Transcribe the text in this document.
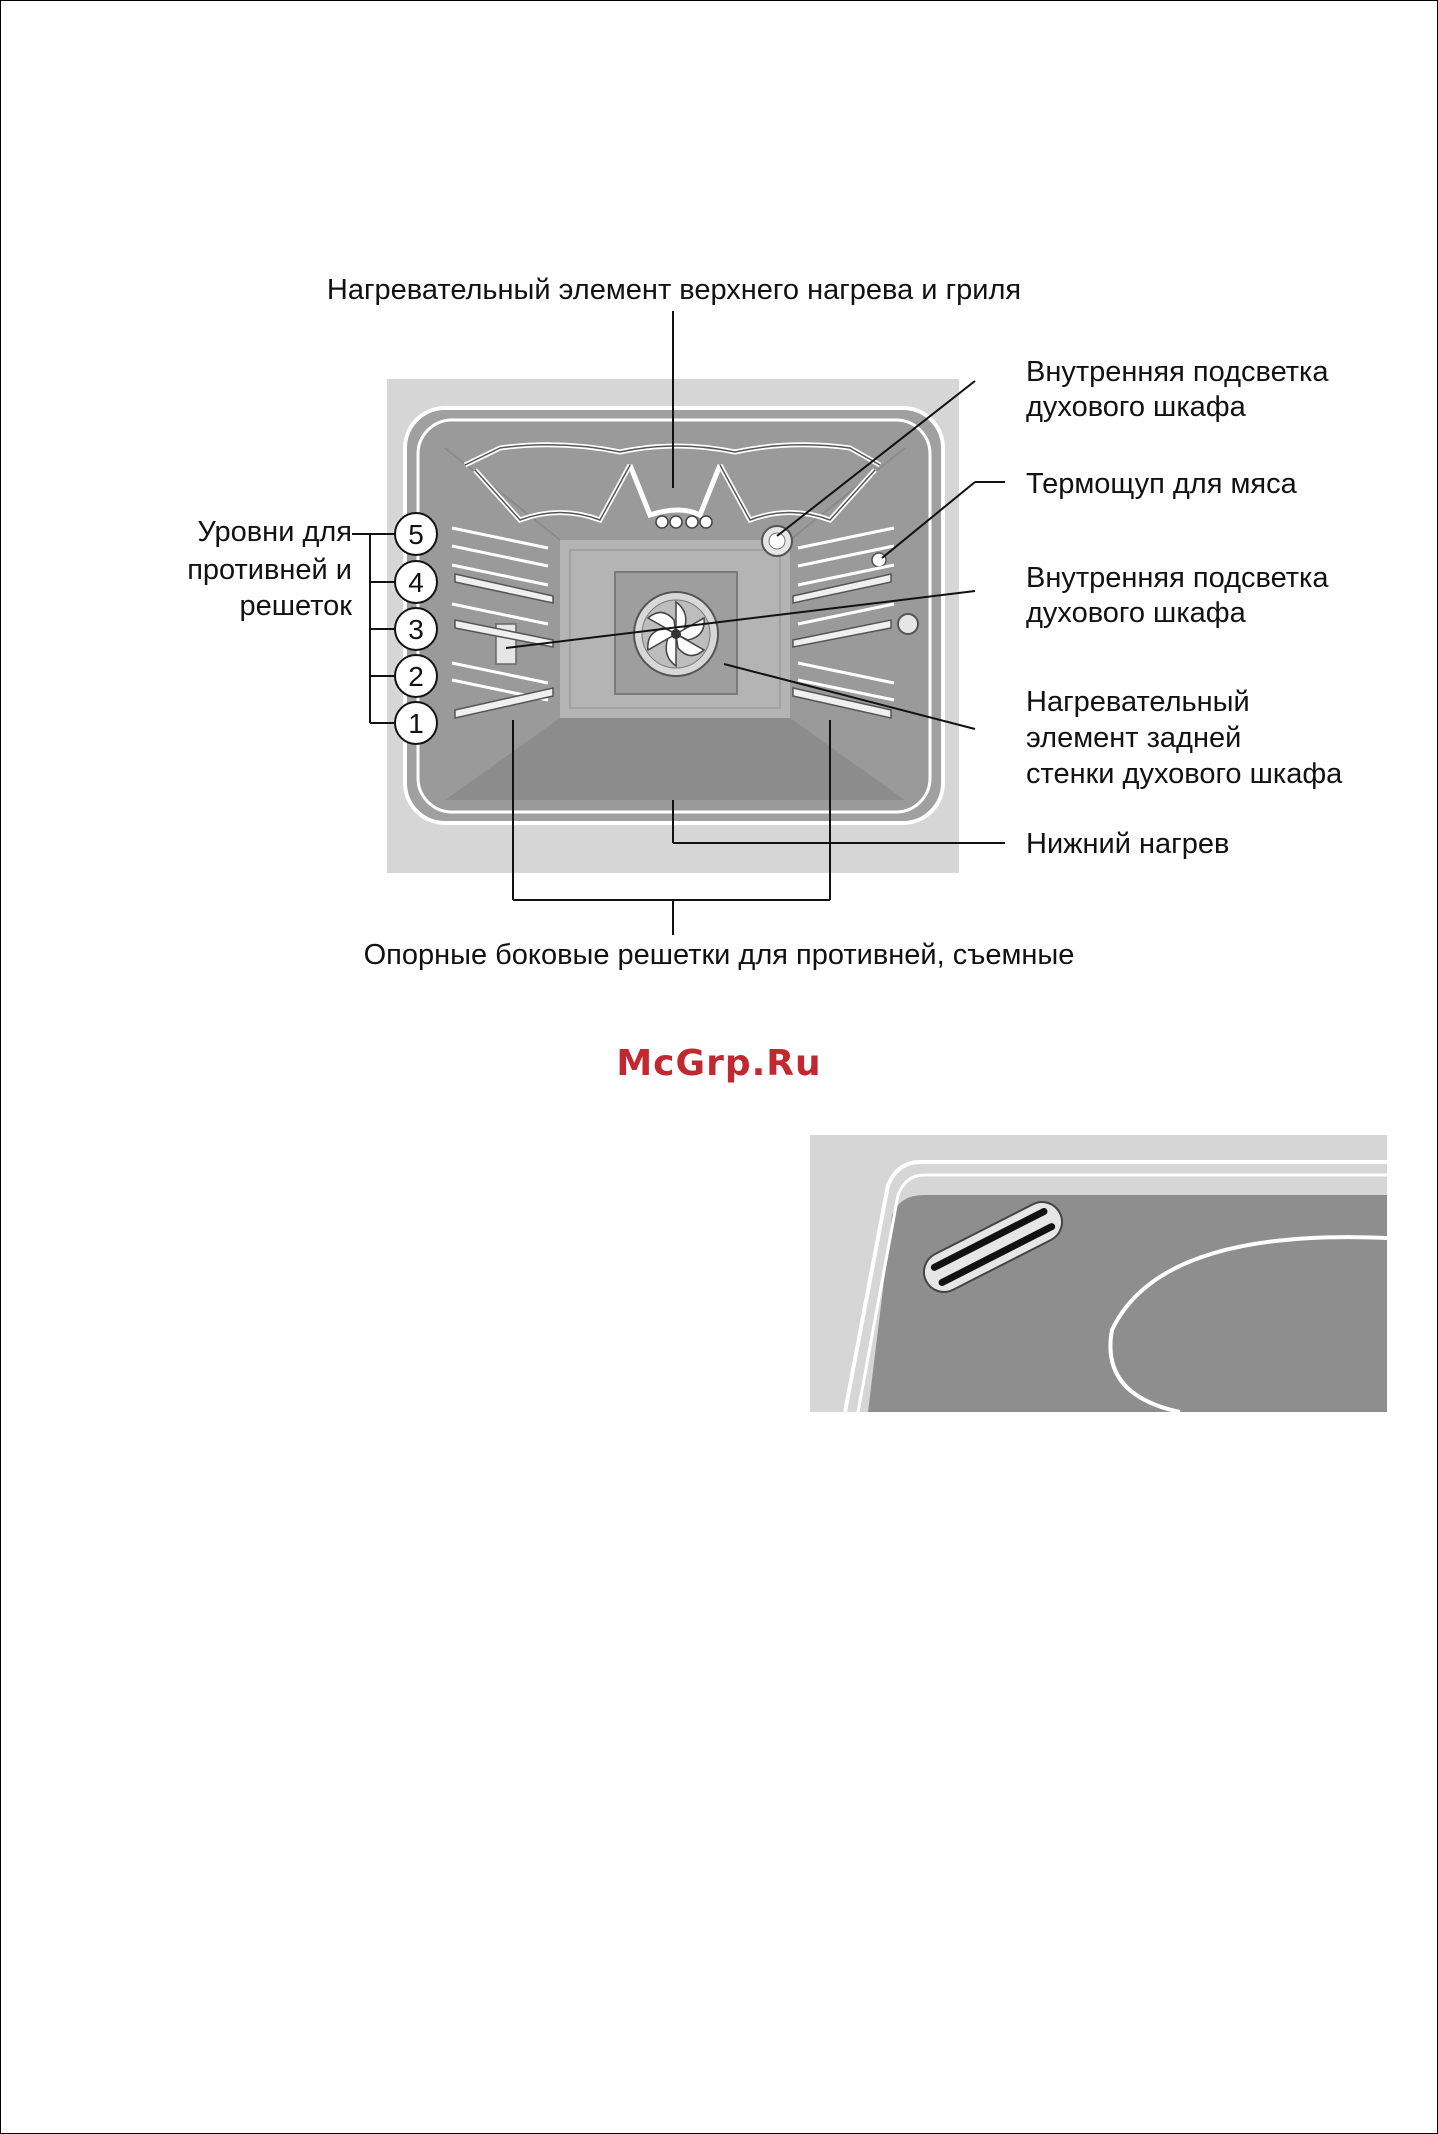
5
4
3
2
1
Нагревательный элемент верхнего нагрева и гриля
Внутренняя подсветка
духового шкафа
Термощуп для мяса
Внутренняя подсветка
духового шкафа
Нагревательный
элемент задней
стенки духового шкафа
Нижний нагрев
Опорные боковые решетки для противней, съемные
Уровни для
противней и
решеток
McGrp.Ru
